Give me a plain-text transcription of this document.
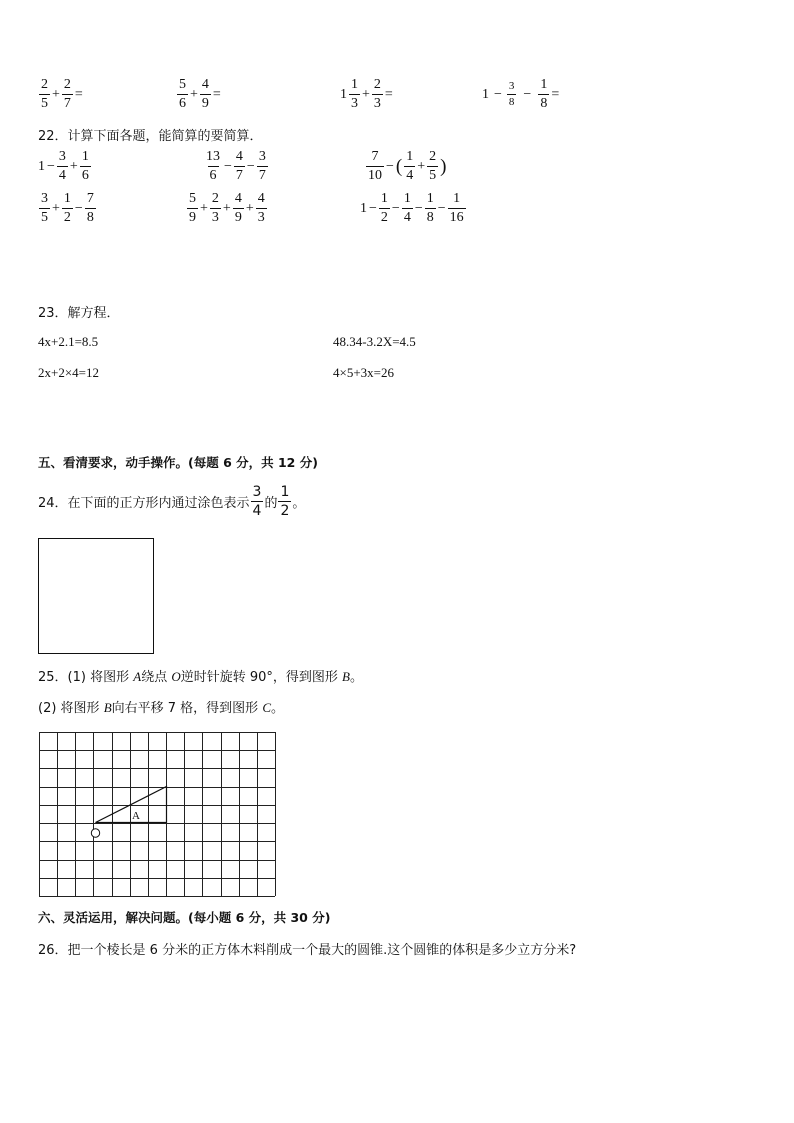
$\frac{2}{5} + \frac{2}{7}$ =	$\frac{5}{6} + \frac{4}{9}$ =	$1 \frac{1}{3} + \frac{2}{3}$ =	$1 - \frac{3}{8} - \frac{1}{8}$ =
22．计算下面各题，能简算的要简算．
$1 - \frac{3}{4} + \frac{1}{6}$	$\frac{13}{6} - \frac{4}{7} - \frac{3}{7}$	$\frac{7}{10}$ − ( $\frac{1}{4} + \frac{2}{5}$ )
$\frac{3}{5} + \frac{1}{2} - \frac{7}{8}$	$\frac{5}{9} + \frac{2}{3} + \frac{4}{9} + \frac{4}{3}$	$1 - \frac{1}{2} - \frac{1}{4} - \frac{1}{8} - \frac{1}{16}$
23．解方程．
4x+2.1=8.5	48.34-3.2X=4.5
2x+2×4=12	4×5+3x=26
五、看清要求，动手操作。(每题 6 分，共 12 分)
24．在下面的正方形内通过涂色表示 $\frac{3}{4}$ 的 $\frac{1}{2}$ 。
25．(1) 将图形 A绕点 O逆时针旋转 90°，得到图形 B。
(2) 将图形 B向右平移 7 格，得到图形 C。
A
六、灵活运用，解决问题。(每小题 6 分，共 30 分)
26．把一个棱长是 6 分米的正方体木料削成一个最大的圆锥.这个圆锥的体积是多少立方分米?
